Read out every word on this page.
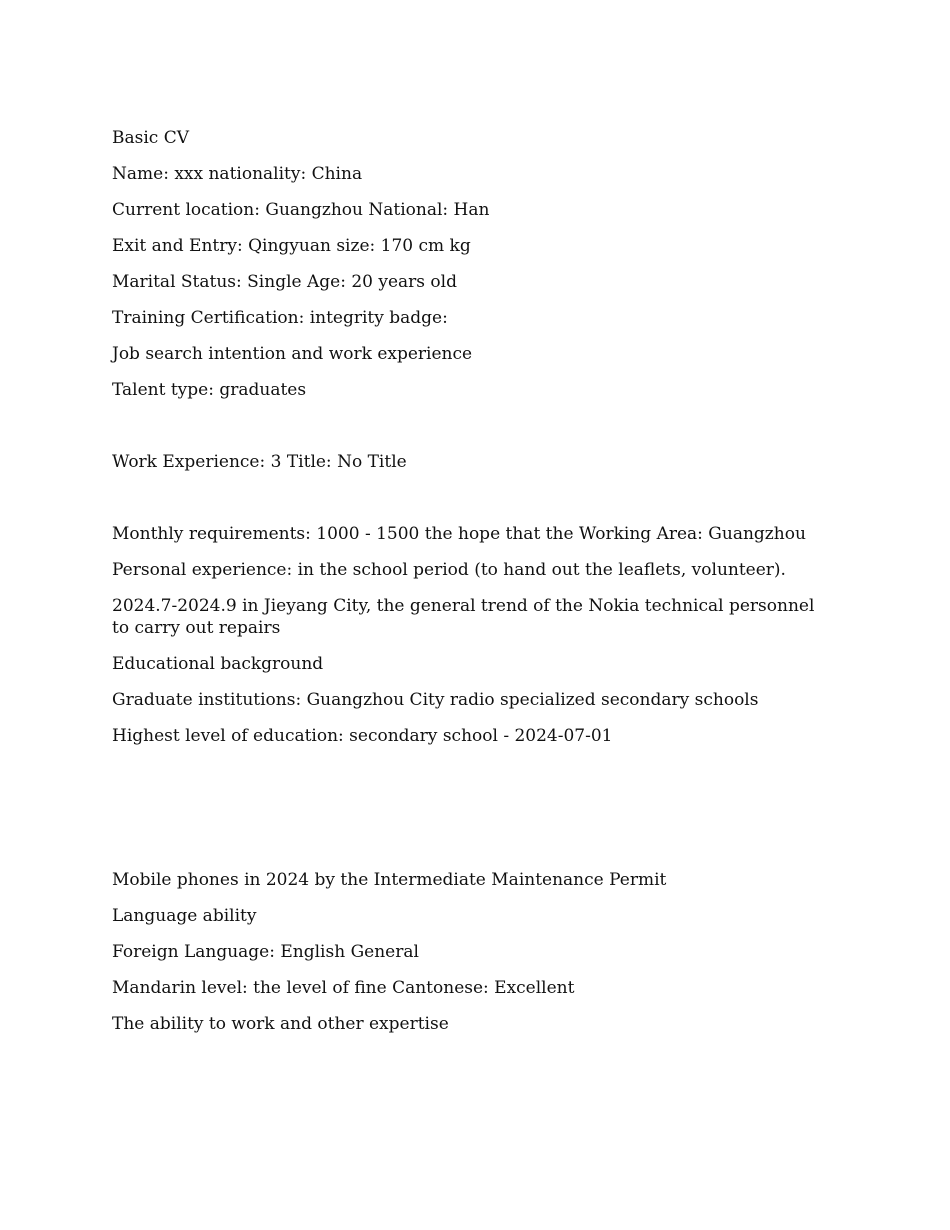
Basic CV

Name: xxx nationality: China

Current location: Guangzhou National: Han

Exit and Entry: Qingyuan size: 170 cm kg

Marital Status: Single Age: 20 years old

Training Certification: integrity badge:

Job search intention and work experience

Talent type: graduates

Work Experience: 3 Title: No Title

Monthly requirements: 1000 - 1500 the hope that the Working Area: Guangzhou

Personal experience: in the school period (to hand out the leaflets, volunteer).

2024.7-2024.9 in Jieyang City, the general trend of the Nokia technical personnel to carry out repairs

Educational background

Graduate institutions: Guangzhou City radio specialized secondary schools

Highest level of education: secondary school - 2024-07-01

Mobile phones in 2024 by the Intermediate Maintenance Permit

Language ability

Foreign Language: English General

Mandarin level: the level of fine Cantonese: Excellent

The ability to work and other expertise
